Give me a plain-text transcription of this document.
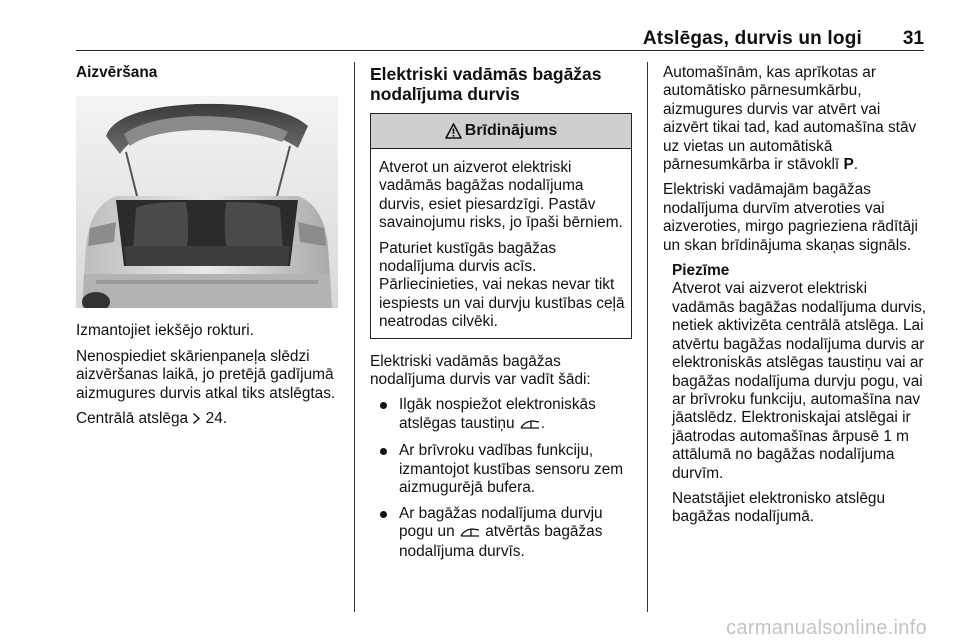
Atslēgas, durvis un logi 31
Aizvēršana

Izmantojiet iekšējo rokturi.

Nenospiediet skārienpaneļa slēdzi aizvēršanas laikā, jo pretējā gadījumā aizmugures durvis atkal tiks atslēgtas.

Centrālā atslēga 24.

Elektriski vadāmās bagāžas nodalījuma durvis
Brīdinājums

Atverot un aizverot elektriski vadāmās bagāžas nodalījuma durvis, esiet piesardzīgi. Pastāv savainojumu risks, jo īpaši bērniem.

Paturiet kustīgās bagāžas nodalījuma durvis acīs. Pārliecinieties, vai nekas nevar tikt iespiests un vai durvju kustības ceļā neatrodas cilvēki.

Elektriski vadāmās bagāžas nodalījuma durvis var vadīt šādi:

Ilgāk nospiežot elektroniskās atslēgas taustiņu .
Ar brīvroku vadības funkciju, izmantojot kustības sensoru zem aizmugurējā bufera.
Ar bagāžas nodalījuma durvju pogu un atvērtās bagāžas nodalījuma durvīs.

Automašīnām, kas aprīkotas ar automātisko pārnesumkārbu, aizmugures durvis var atvērt vai aizvērt tikai tad, kad automašīna stāv uz vietas un automātiskā pārnesumkārba ir stāvoklī P.

Elektriski vadāmajām bagāžas nodalījuma durvīm atveroties vai aizveroties, mirgo pagrieziena rādītāji un skan brīdinājuma skaņas signāls.

Piezīme

Atverot vai aizverot elektriski vadāmās bagāžas nodalījuma durvis, netiek aktivizēta centrālā atslēga. Lai atvērtu bagāžas nodalījuma durvis ar elektroniskās atslēgas taustiņu vai ar bagāžas nodalījuma durvju pogu, vai ar brīvroku funkciju, automašīna nav jāatslēdz. Elektroniskajai atslēgai ir jāatrodas automašīnas ārpusē 1 m attālumā no bagāžas nodalījuma durvīm.

Neatstājiet elektronisko atslēgu bagāžas nodalījumā.

carmanualsonline.info
